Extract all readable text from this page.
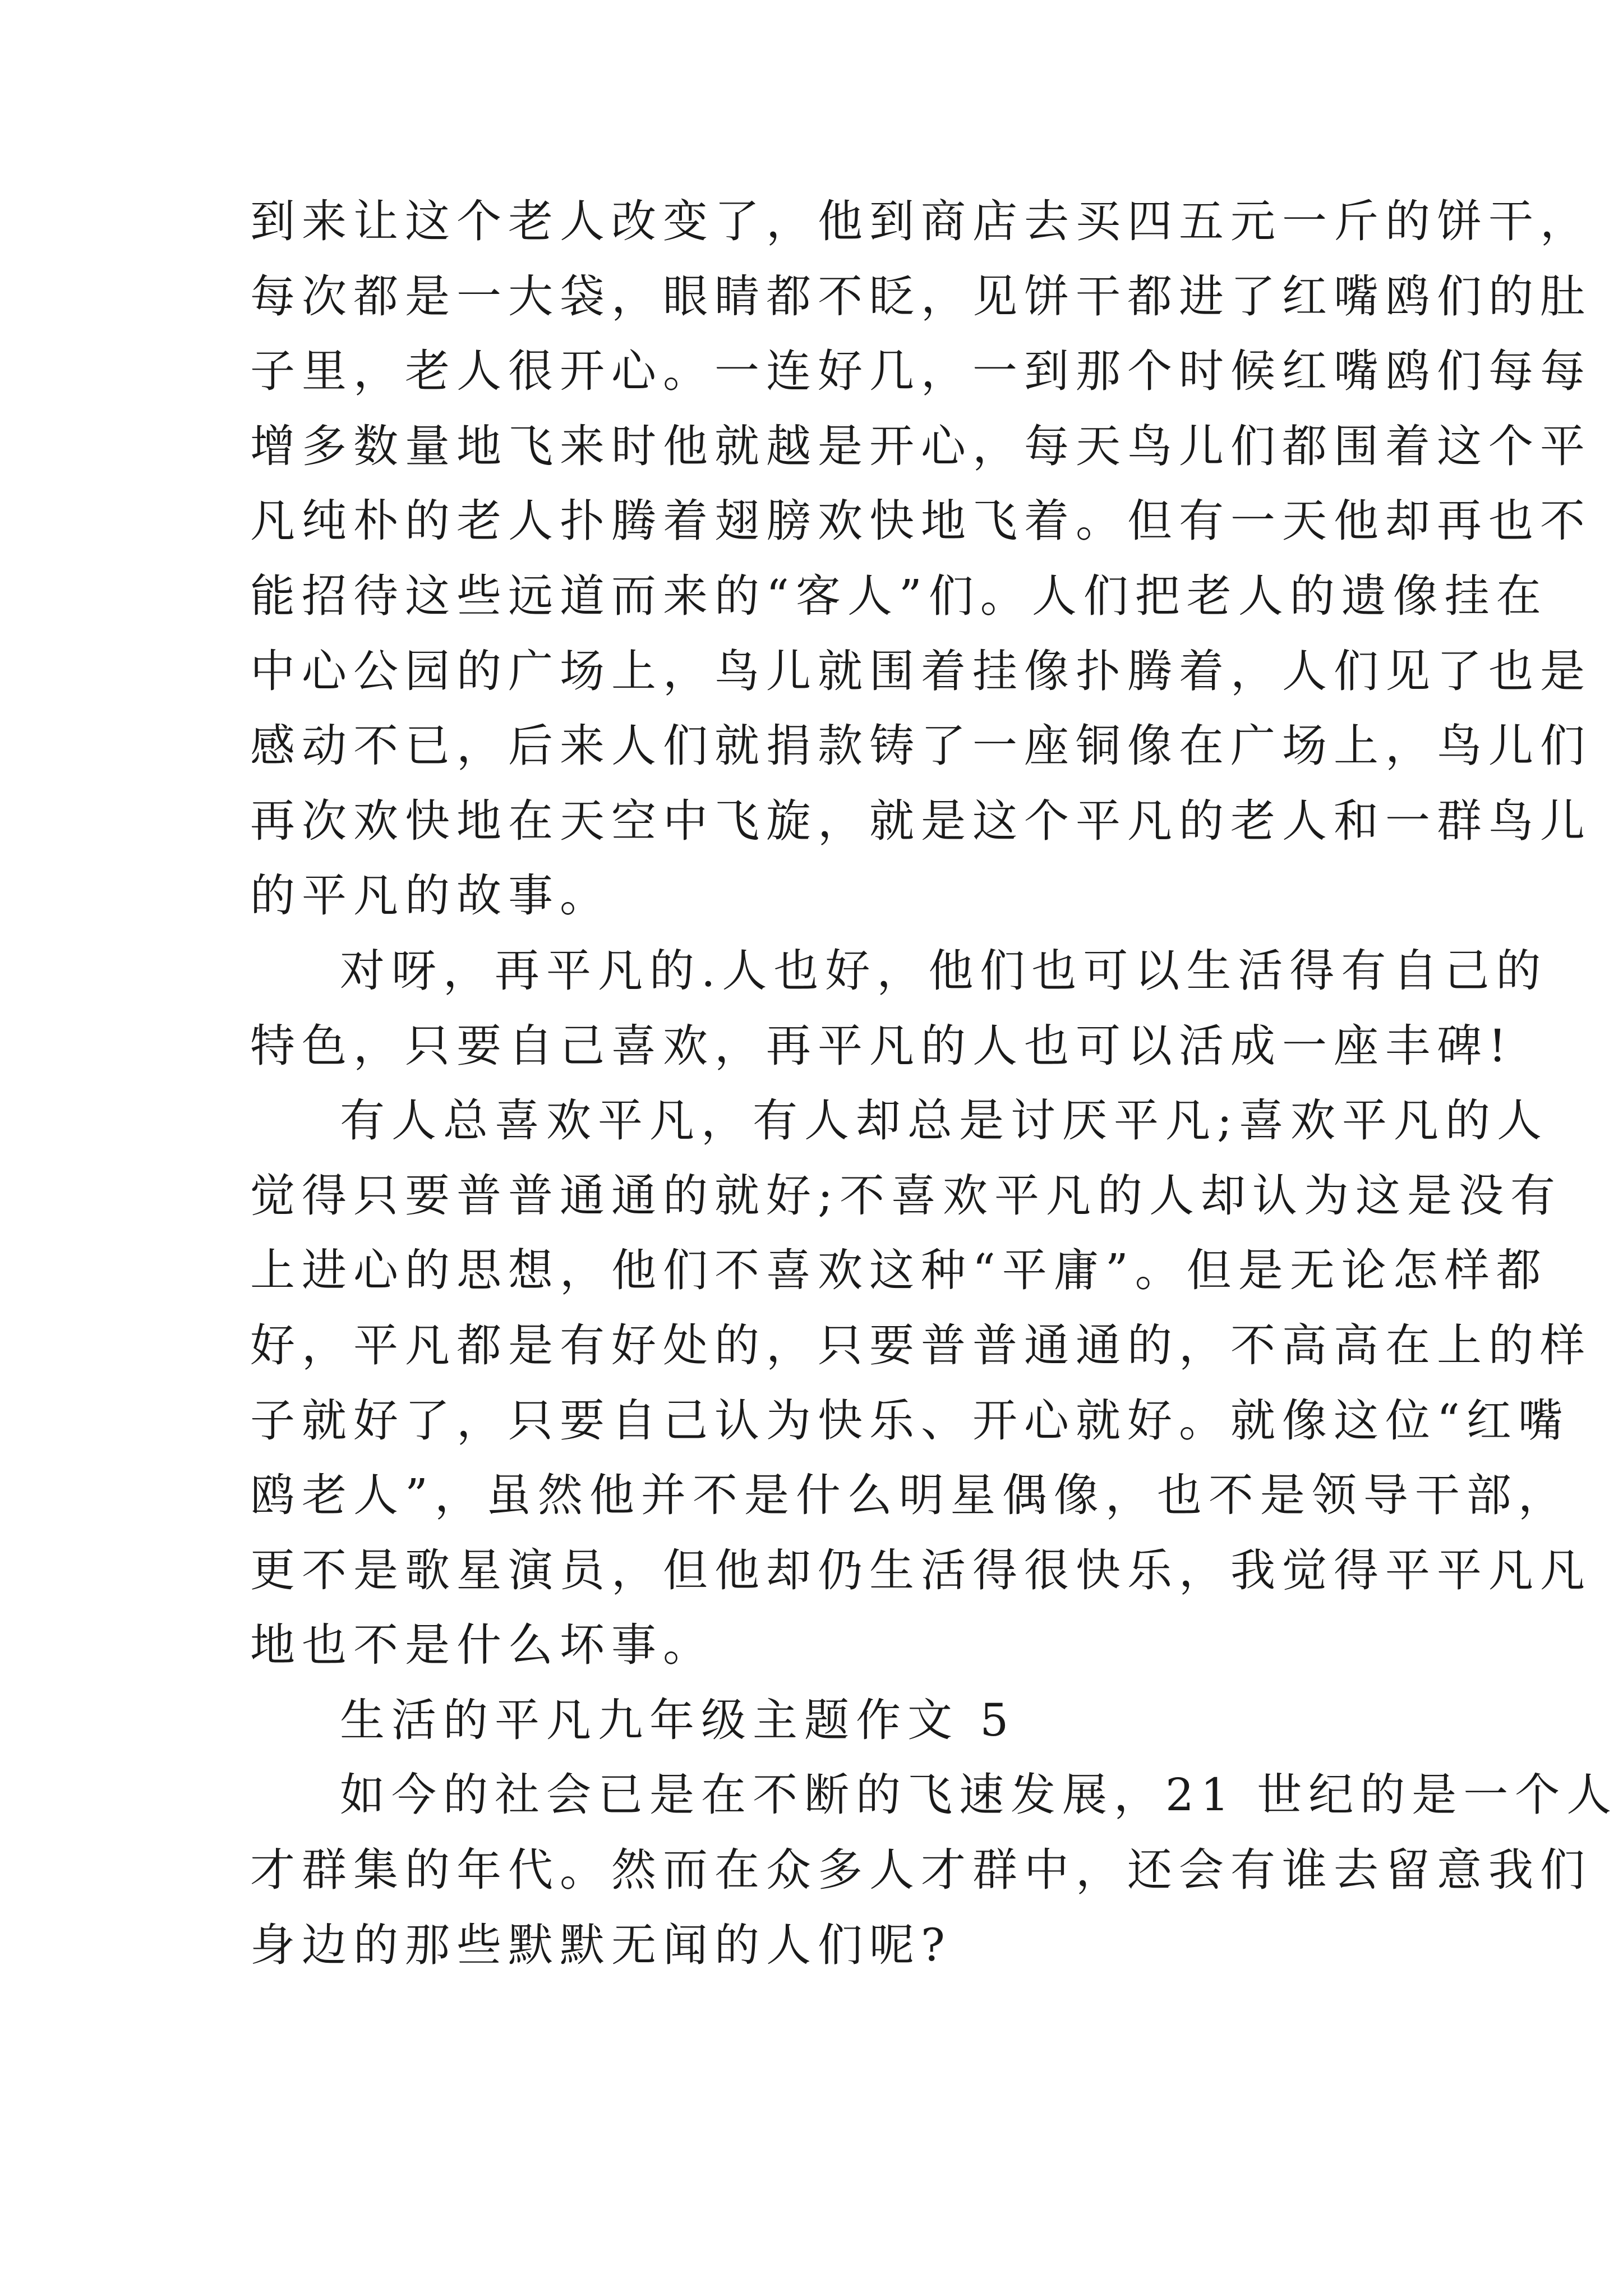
到来让这个老人改变了，他到商店去买四五元一斤的饼干，
每次都是一大袋，眼睛都不眨，见饼干都进了红嘴鸥们的肚
子里，老人很开心。一连好几，一到那个时候红嘴鸥们每每
增多数量地飞来时他就越是开心，每天鸟儿们都围着这个平
凡纯朴的老人扑腾着翅膀欢快地飞着。但有一天他却再也不
能招待这些远道而来的“客人”们。人们把老人的遗像挂在
中心公园的广场上，鸟儿就围着挂像扑腾着，人们见了也是
感动不已，后来人们就捐款铸了一座铜像在广场上，鸟儿们
再次欢快地在天空中飞旋，就是这个平凡的老人和一群鸟儿
的平凡的故事。
对呀，再平凡的.人也好，他们也可以生活得有自己的
特色，只要自己喜欢，再平凡的人也可以活成一座丰碑!
有人总喜欢平凡，有人却总是讨厌平凡;喜欢平凡的人
觉得只要普普通通的就好;不喜欢平凡的人却认为这是没有
上进心的思想，他们不喜欢这种“平庸”。但是无论怎样都
好，平凡都是有好处的，只要普普通通的，不高高在上的样
子就好了，只要自己认为快乐、开心就好。就像这位“红嘴
鸥老人”，虽然他并不是什么明星偶像，也不是领导干部，
更不是歌星演员，但他却仍生活得很快乐，我觉得平平凡凡
地也不是什么坏事。
生活的平凡九年级主题作文 5
如今的社会已是在不断的飞速发展，21 世纪的是一个人
才群集的年代。然而在众多人才群中，还会有谁去留意我们
身边的那些默默无闻的人们呢?
